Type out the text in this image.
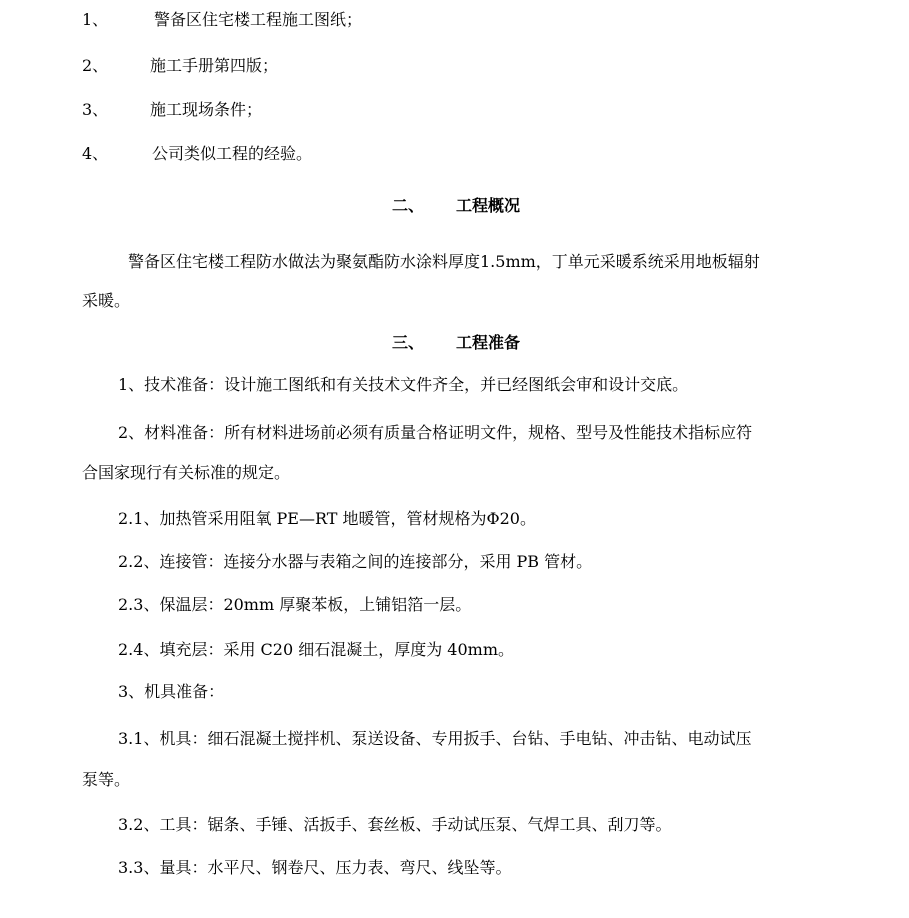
1、	警备区住宅楼工程施工图纸；
2、	施工手册第四版；
3、	施工现场条件；
4、	公司类似工程的经验。
二、 工程概况
警备区住宅楼工程防水做法为聚氨酯防水涂料厚度1.5mm，丁单元采暖系统采用地板辐射
采暖。
三、 工程准备
1、技术准备：设计施工图纸和有关技术文件齐全，并已经图纸会审和设计交底。
2、材料准备：所有材料进场前必须有质量合格证明文件，规格、型号及性能技术指标应符
合国家现行有关标准的规定。
2.1、加热管采用阻氧 PE—RT 地暖管，管材规格为Φ20。
2.2、连接管：连接分水器与表箱之间的连接部分，采用 PB 管材。
2.3、保温层：20mm 厚聚苯板，上铺铝箔一层。
2.4、填充层：采用 C20 细石混凝土，厚度为 40mm。
3、机具准备：
3.1、机具：细石混凝土搅拌机、泵送设备、专用扳手、台钻、手电钻、冲击钻、电动试压
泵等。
3.2、工具：锯条、手锤、活扳手、套丝板、手动试压泵、气焊工具、刮刀等。
3.3、量具：水平尺、钢卷尺、压力表、弯尺、线坠等。
